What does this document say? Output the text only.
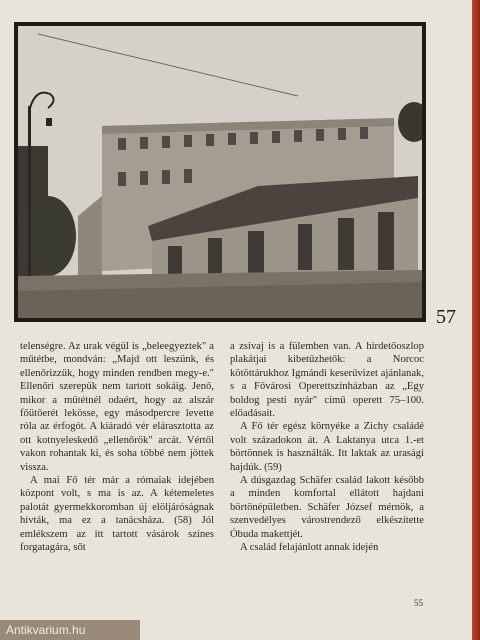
57

telenségre. Az urak végül is „beleegyeztek" a műtétbe, mondván: „Majd ott leszünk, és ellenőrizzük, hogy minden rendben megy-e." Ellenőri szerepük nem tartott sokáig. Jenő, mikor a műtétnél odaért, hogy az alszár főütőerét lekösse, egy másodpercre levette róla az érfogót. A kiáradó vér elárasztotta az ott kotnyeleskedő „ellenőrök" arcát. Vértől vakon rohantak ki, és soha többé nem jöttek vissza.

A mai Fő tér már a rómaiak idejében központ volt, s ma is az. A kétemeletes palotát gyermekkoromban új elöljáróságnak hívták, ma ez a tanácsháza. (58) Jól emlékszem az itt tartott vásárok színes forgatagára, sőt

a zsivaj is a fülemben van. A hirdetőoszlop plakátjai kibetűzhetők: a Norcoc kötöttárukhoz Igmándi keserűvizet ajánlanak, s a Fővárosi Operettszínházban az „Egy boldog pesti nyár" című operett 75–100. előadásait.

A Fő tér egész környéke a Zichy családé volt századokon át. A Laktanya utca 1.-et börtönnek is használták. Itt laktak az urasági hajdúk. (59)

A dúsgazdag Schäfer család lakott később a minden komfortal ellátott hajdani börtönépületben. Schäfer József mérnök, a szenvedélyes várostrendező elkészítette Óbuda makettjét.

A család felajánlott annak idején

55
Antikvarium.hu
